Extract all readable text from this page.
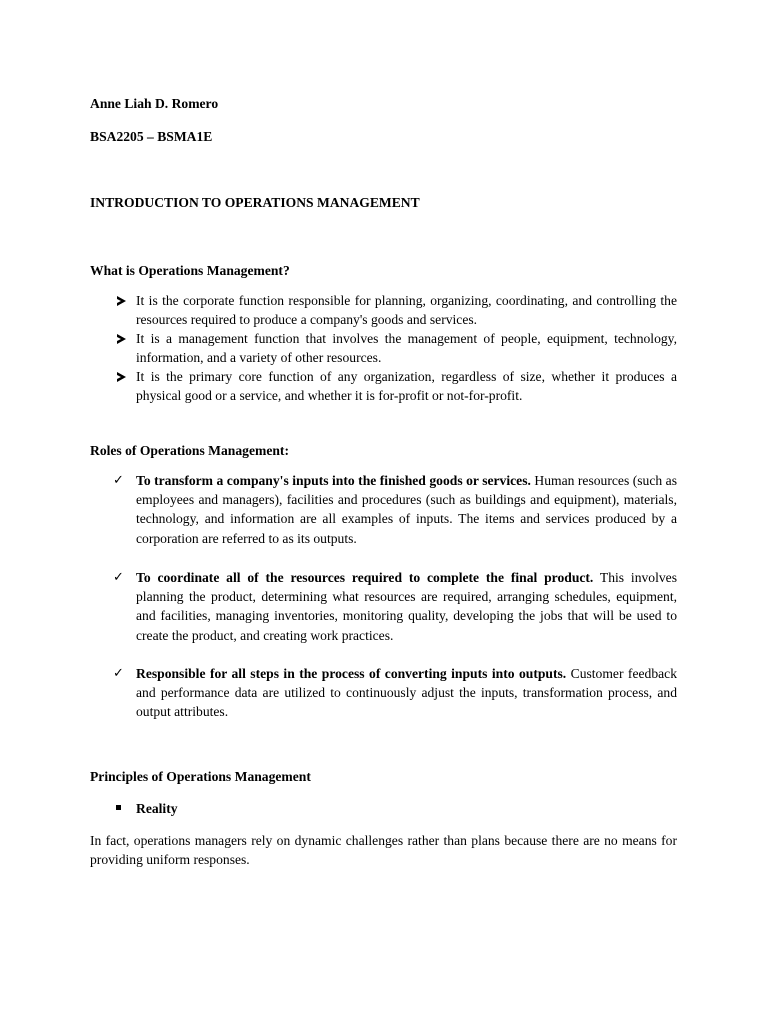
Anne Liah D. Romero
BSA2205 – BSMA1E
INTRODUCTION TO OPERATIONS MANAGEMENT
What is Operations Management?
It is the corporate function responsible for planning, organizing, coordinating, and controlling the resources required to produce a company's goods and services.
It is a management function that involves the management of people, equipment, technology, information, and a variety of other resources.
It is the primary core function of any organization, regardless of size, whether it produces a physical good or a service, and whether it is for-profit or not-for-profit.
Roles of Operations Management:
✓ To transform a company's inputs into the finished goods or services. Human resources (such as employees and managers), facilities and procedures (such as buildings and equipment), materials, technology, and information are all examples of inputs. The items and services produced by a corporation are referred to as its outputs.
✓ To coordinate all of the resources required to complete the final product. This involves planning the product, determining what resources are required, arranging schedules, equipment, and facilities, managing inventories, monitoring quality, developing the jobs that will be used to create the product, and creating work practices.
✓ Responsible for all steps in the process of converting inputs into outputs. Customer feedback and performance data are utilized to continuously adjust the inputs, transformation process, and output attributes.
Principles of Operations Management
Reality
In fact, operations managers rely on dynamic challenges rather than plans because there are no means for providing uniform responses.
